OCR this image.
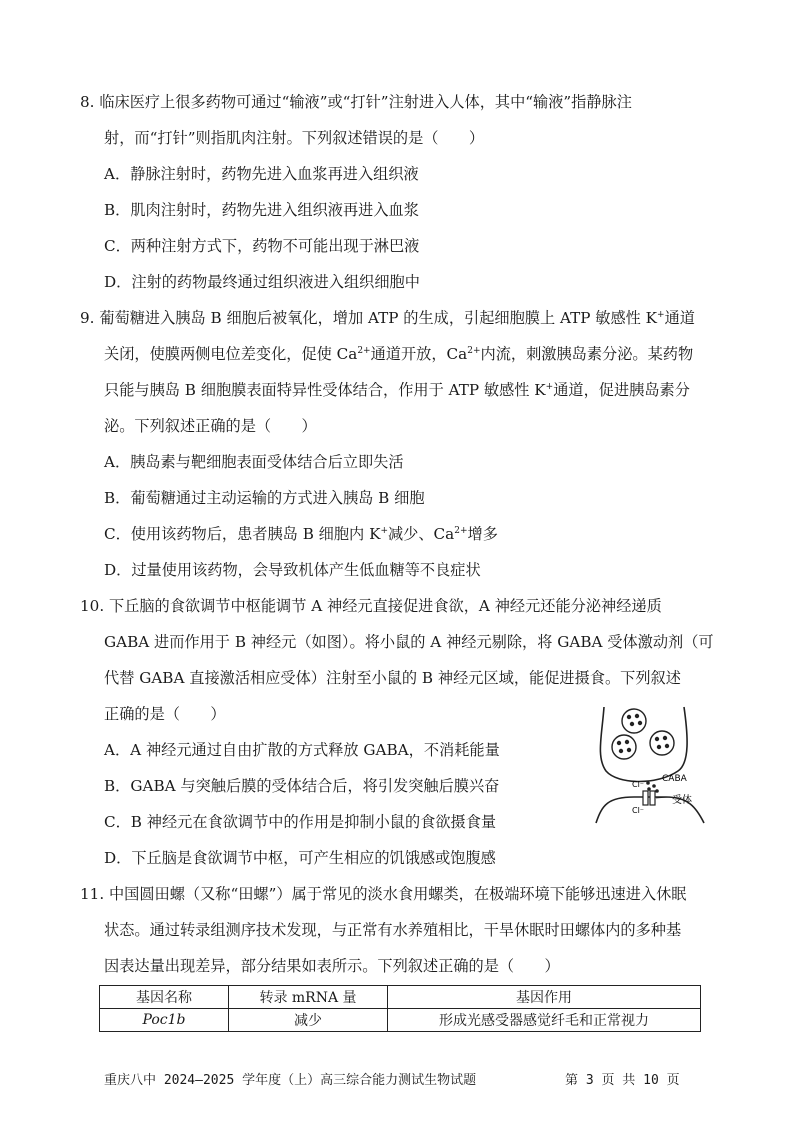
8. 临床医疗上很多药物可通过“输液”或“打针”注射进入人体，其中“输液”指静脉注
射，而“打针”则指肌肉注射。下列叙述错误的是（　　）
A．静脉注射时，药物先进入血浆再进入组织液
B．肌肉注射时，药物先进入组织液再进入血浆
C．两种注射方式下，药物不可能出现于淋巴液
D．注射的药物最终通过组织液进入组织细胞中
9. 葡萄糖进入胰岛 B 细胞后被氧化，增加 ATP 的生成，引起细胞膜上 ATP 敏感性 K+通道
关闭，使膜两侧电位差变化，促使 $Ca^{2+}$通道开放，$Ca^{2+}$内流，刺激胰岛素分泌。某药物
只能与胰岛 B 细胞膜表面特异性受体结合，作用于 ATP 敏感性 K+通道，促进胰岛素分
泌。下列叙述正确的是（　　）
A．胰岛素与靶细胞表面受体结合后立即失活
B．葡萄糖通过主动运输的方式进入胰岛 B 细胞
C．使用该药物后，患者胰岛 B 细胞内 K+减少、$Ca^{2+}$增多
D．过量使用该药物，会导致机体产生低血糖等不良症状
10. 下丘脑的食欲调节中枢能调节 A 神经元直接促进食欲，A 神经元还能分泌神经递质
GABA 进而作用于 B 神经元（如图）。将小鼠的 A 神经元剔除，将 GABA 受体激动剂（可
代替 GABA 直接激活相应受体）注射至小鼠的 B 神经元区域，能促进摄食。下列叙述
正确的是（　　）
A．A 神经元通过自由扩散的方式释放 GABA，不消耗能量
B．GABA 与突触后膜的受体结合后，将引发突触后膜兴奋
C．B 神经元在食欲调节中的作用是抑制小鼠的食欲摄食量
D．下丘脑是食欲调节中枢，可产生相应的饥饿感或饱腹感
Cl⁻
CABA
Cl⁻
受体
11. 中国圆田螺（又称“田螺”）属于常见的淡水食用螺类，在极端环境下能够迅速进入休眠
状态。通过转录组测序技术发现，与正常有水养殖相比，干旱休眠时田螺体内的多种基
因表达量出现差异，部分结果如表所示。下列叙述正确的是（　　）
基因名称	转录 mRNA 量	基因作用
Poc1b	减少	形成光感受器感觉纤毛和正常视力
重庆八中 2024—2025 学年度（上）高三综合能力测试生物试题	第 3 页 共 10 页
